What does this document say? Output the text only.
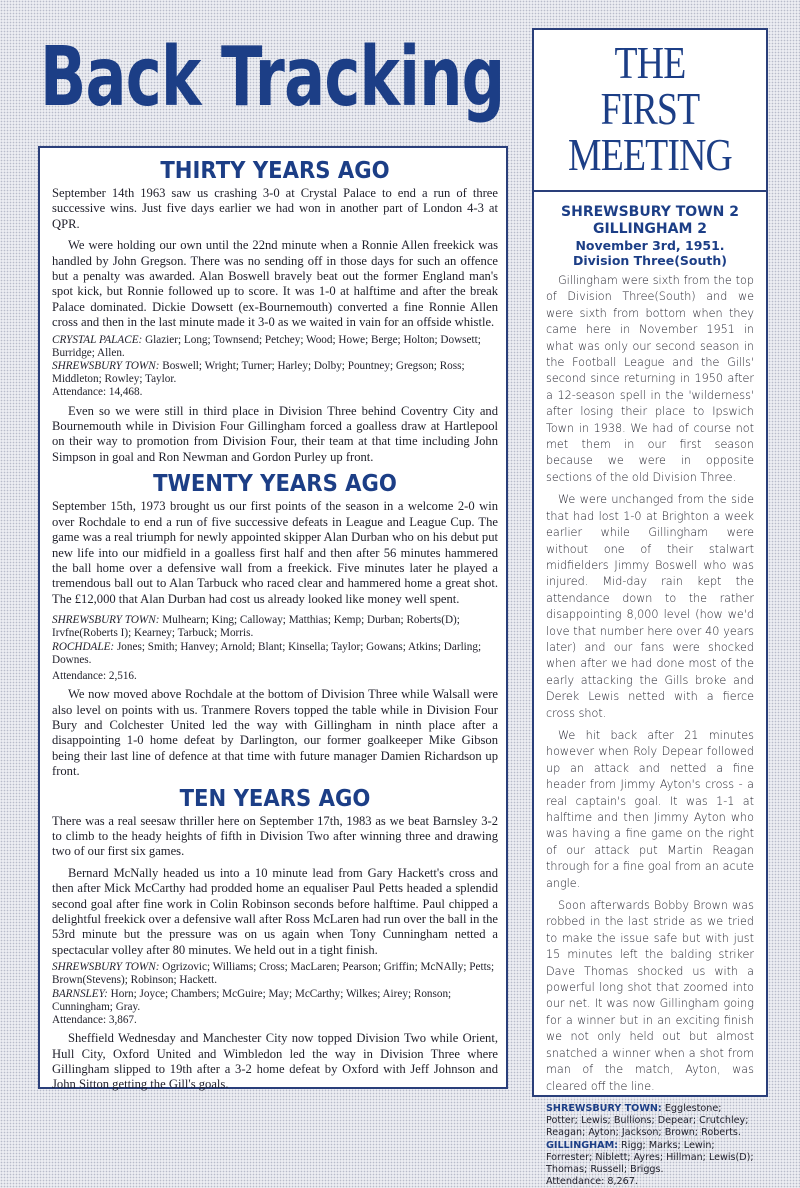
Back Tracking
THIRTY YEARS AGO

September 14th 1963 saw us crashing 3-0 at Crystal Palace to end a run of three successive wins. Just five days earlier we had won in another part of London 4-3 at QPR.

We were holding our own until the 22nd minute when a Ronnie Allen freekick was handled by John Gregson. There was no sending off in those days for such an offence but a penalty was awarded. Alan Boswell bravely beat out the former England man's spot kick, but Ronnie followed up to score. It was 1-0 at halftime and after the break Palace dominated. Dickie Dowsett (ex-Bournemouth) converted a fine Ronnie Allen cross and then in the last minute made it 3-0 as we waited in vain for an offside whistle.

CRYSTAL PALACE: Glazier; Long; Townsend; Petchey; Wood; Howe; Berge; Holton; Dowsett; Burridge; Allen.
SHREWSBURY TOWN: Boswell; Wright; Turner; Harley; Dolby; Pountney; Gregson; Ross; Middleton; Rowley; Taylor.
Attendance: 14,468.

Even so we were still in third place in Division Three behind Coventry City and Bournemouth while in Division Four Gillingham forced a goalless draw at Hartlepool on their way to promotion from Division Four, their team at that time including John Simpson in goal and Ron Newman and Gordon Purley up front.

TWENTY YEARS AGO

September 15th, 1973 brought us our first points of the season in a welcome 2-0 win over Rochdale to end a run of five successive defeats in League and League Cup. The game was a real triumph for newly appointed skipper Alan Durban who on his debut put new life into our midfield in a goalless first half and then after 56 minutes hammered the ball home over a defensive wall from a freekick. Five minutes later he played a tremendous ball out to Alan Tarbuck who raced clear and hammered home a great shot. The £12,000 that Alan Durban had cost us already looked like money well spent.

SHREWSBURY TOWN: Mulhearn; King; Calloway; Matthias; Kemp; Durban; Roberts(D); Irvfne(Roberts I); Kearney; Tarbuck; Morris.
ROCHDALE: Jones; Smith; Hanvey; Arnold; Blant; Kinsella; Taylor; Gowans; Atkins; Darling; Downes.
Attendance: 2,516.

We now moved above Rochdale at the bottom of Division Three while Walsall were also level on points with us. Tranmere Rovers topped the table while in Division Four Bury and Colchester United led the way with Gillingham in ninth place after a disappointing 1-0 home defeat by Darlington, our former goalkeeper Mike Gibson being their last line of defence at that time with future manager Damien Richardson up front.

TEN YEARS AGO

There was a real seesaw thriller here on September 17th, 1983 as we beat Barnsley 3-2 to climb to the heady heights of fifth in Division Two after winning three and drawing two of our first six games.

Bernard McNally headed us into a 10 minute lead from Gary Hackett's cross and then after Mick McCarthy had prodded home an equaliser Paul Petts headed a splendid second goal after fine work in Colin Robinson seconds before halftime. Paul chipped a delightful freekick over a defensive wall after Ross McLaren had run over the ball in the 53rd minute but the pressure was on us again when Tony Cunningham netted a spectacular volley after 80 minutes. We held out in a tight finish.

SHREWSBURY TOWN: Ogrizovic; Williams; Cross; MacLaren; Pearson; Griffin; McNAlly; Petts; Brown(Stevens); Robinson; Hackett.
BARNSLEY: Horn; Joyce; Chambers; McGuire; May; McCarthy; Wilkes; Airey; Ronson; Cunningham; Gray.
Attendance: 3,867.

Sheffield Wednesday and Manchester City now topped Division Two while Orient, Hull City, Oxford United and Wimbledon led the way in Division Three where Gillingham slipped to 19th after a 3-2 home defeat by Oxford with Jeff Johnson and John Sitton getting the Gill's goals.

THE FIRST
MEETING

SHREWSBURY TOWN 2

GILLINGHAM 2

November 3rd, 1951.

Division Three(South)

Gillingham were sixth from the top of Division Three(South) and we were sixth from bottom when they came here in November 1951 in what was only our second season in the Football League and the Gills' second since returning in 1950 after a 12-season spell in the 'wilderness' after losing their place to Ipswich Town in 1938. We had of course not met them in our first season because we were in opposite sections of the old Division Three.

We were unchanged from the side that had lost 1-0 at Brighton a week earlier while Gillingham were without one of their stalwart midfielders Jimmy Boswell who was injured. Mid-day rain kept the attendance down to the rather disappointing 8,000 level (how we'd love that number here over 40 years later) and our fans were shocked when after we had done most of the early attacking the Gills broke and Derek Lewis netted with a fierce cross shot.

We hit back after 21 minutes however when Roly Depear followed up an attack and netted a fine header from Jimmy Ayton's cross - a real captain's goal. It was 1-1 at halftime and then Jimmy Ayton who was having a fine game on the right of our attack put Martin Reagan through for a fine goal from an acute angle.

Soon afterwards Bobby Brown was robbed in the last stride as we tried to make the issue safe but with just 15 minutes left the balding striker Dave Thomas shocked us with a powerful long shot that zoomed into our net. It was now Gillingham going for a winner but in an exciting finish we not only held out but almost snatched a winner when a shot from man of the match, Ayton, was cleared off the line.

SHREWSBURY TOWN: Egglestone; Potter; Lewis; Bullions; Depear; Crutchley; Reagan; Ayton; Jackson; Brown; Roberts.
GILLINGHAM: Rigg; Marks; Lewin; Forrester; Niblett; Ayres; Hillman; Lewis(D); Thomas; Russell; Briggs.
Attendance: 8,267.
